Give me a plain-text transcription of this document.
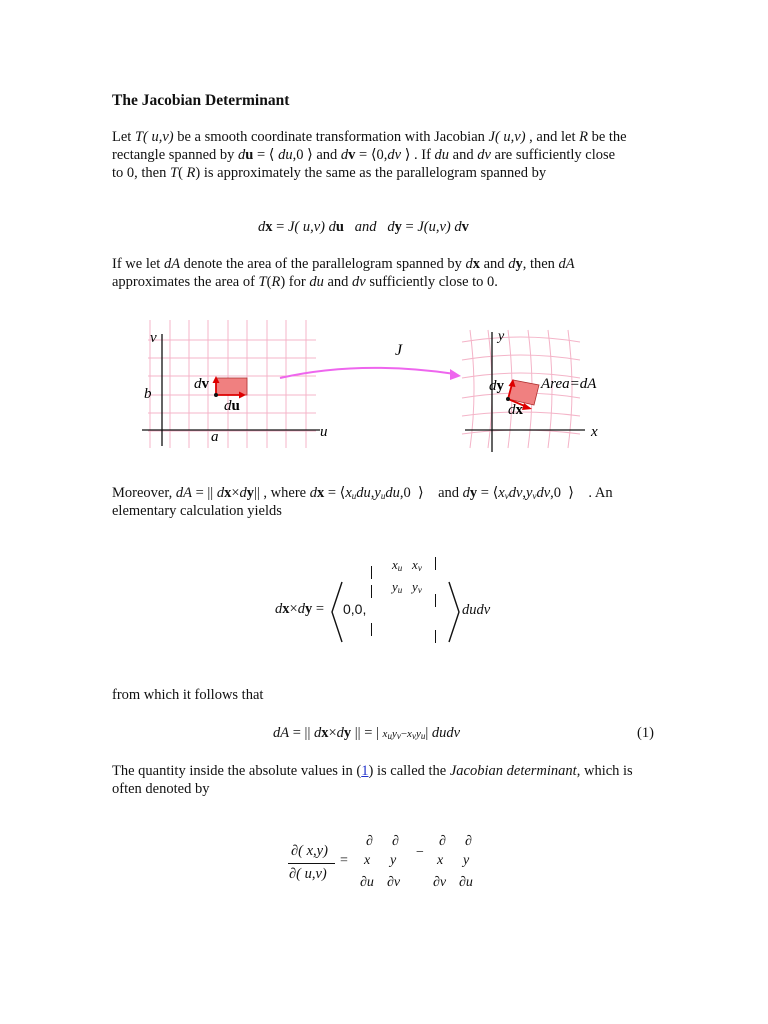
The Jacobian Determinant
Let T( u,v) be a smooth coordinate transformation with Jacobian J( u,v) , and let R be the
rectangle spanned by du = ⟨ du,0 ⟩ and dv = ⟨0,dv ⟩ . If du and dv are sufficiently close
to 0, then T( R) is approximately the same as the parallelogram spanned by
dx = J( u,v) du   and   dy = J(u,v) dv
If we let dA denote the area of the parallelogram spanned by dx and dy, then dA
approximates the area of T(R) for du and dv sufficiently close to 0.
v
u
b
a
dv
du
J
y
x
dy
dx
Area=dA
Moreover, dA = || dx×dy|| , where dx = $⟨x_udu,y_udu,0$  ⟩    and dy = $⟨x_vdv,y_vdv,0$  ⟩    . An
elementary calculation yields
dx×dy = 0,0,
$x_u$ $x_v$
$y_u$ $y_v$
dudv
from which it follows that
dA = || dx×dy || = | $x_uy_v-x_vy_u|$ dudv	(1)
The quantity inside the absolute values in (1) is called the Jacobian determinant, which is
often denoted by
∂( x,y)
∂( u,v)
=
∂
x
∂u
∂
y
∂v
−
∂
x
∂v
∂
y
∂u
